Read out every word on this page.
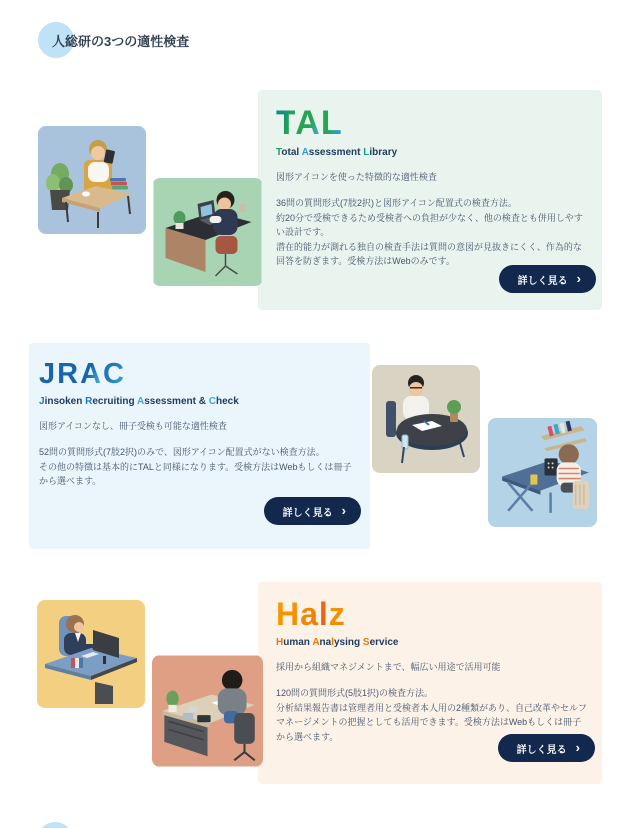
人総研の3つの適性検査
TAL
Total Assessment Library

図形アイコンを使った特徴的な適性検査

36問の質問形式(7肢2択)と図形アイコン配置式の検査方法。
約20分で受検できるため受検者への負担が少なく、他の検査とも併用しやすい設計です。
潜在的能力が測れる独自の検査手法は質問の意図が見抜きにくく、作為的な回答を防ぎます。受検方法はWebのみです。
詳しく見る ›
JRAC
Jinsoken Recruiting Assessment & Check

図形アイコンなし、冊子受検も可能な適性検査

52問の質問形式(7肢2択)のみで、図形アイコン配置式がない検査方法。
その他の特徴は基本的にTALと同様になります。受検方法はWebもしくは冊子から選べます。
詳しく見る ›
Halz
Human Analysing Service

採用から組織マネジメントまで、幅広い用途で活用可能

120問の質問形式(5肢1択)の検査方法。
分析結果報告書は管理者用と受検者本人用の2種類があり、自己改革やセルフマネージメントの把握としても活用できます。受検方法はWebもしくは冊子から選べます。
詳しく見る ›
